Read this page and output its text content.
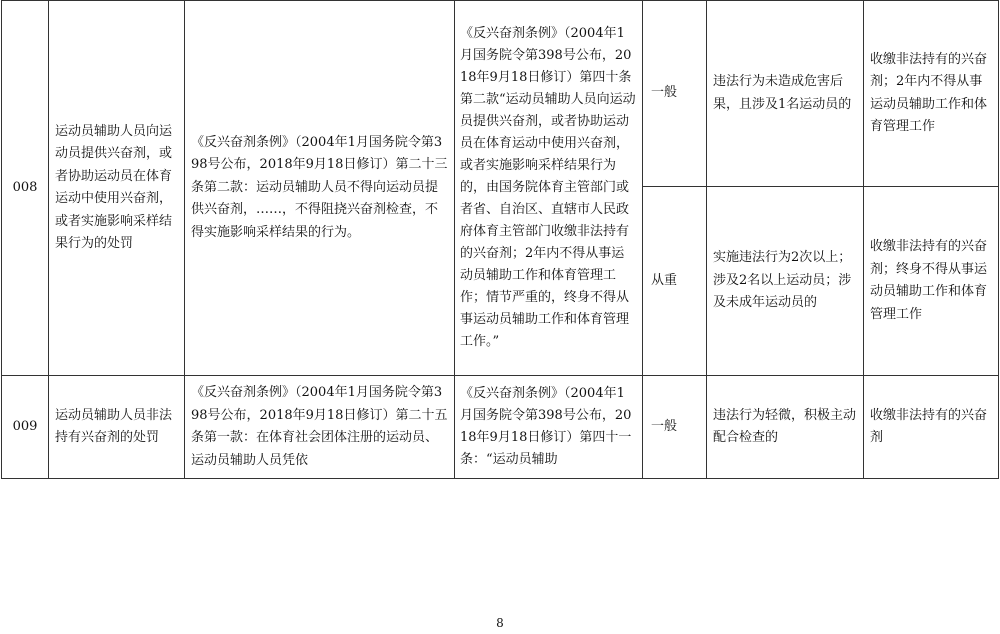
008	运动员辅助人员向运动员提供兴奋剂，或者协助运动员在体育运动中使用兴奋剂，或者实施影响采样结果行为的处罚	《反兴奋剂条例》（2004年1月国务院令第398号公布，2018年9月18日修订）第二十三条第二款：运动员辅助人员不得向运动员提供兴奋剂，……，不得阻挠兴奋剂检查，不得实施影响采样结果的行为。	《反兴奋剂条例》（2004年1月国务院令第398号公布，2018年9月18日修订）第四十条第二款“运动员辅助人员向运动员提供兴奋剂，或者协助运动员在体育运动中使用兴奋剂，或者实施影响采样结果行为的，由国务院体育主管部门或者省、自治区、直辖市人民政府体育主管部门收缴非法持有的兴奋剂；2年内不得从事运动员辅助工作和体育管理工作；情节严重的，终身不得从事运动员辅助工作和体育管理工作。”	一般	违法行为未造成危害后果，且涉及1名运动员的	收缴非法持有的兴奋剂；2年内不得从事运动员辅助工作和体育管理工作
				从重	实施违法行为2次以上；涉及2名以上运动员；涉及未成年运动员的	收缴非法持有的兴奋剂；终身不得从事运动员辅助工作和体育管理工作
009	运动员辅助人员非法持有兴奋剂的处罚	《反兴奋剂条例》（2004年1月国务院令第398号公布，2018年9月18日修订）第二十五条第一款：在体育社会团体注册的运动员、运动员辅助人员凭依	《反兴奋剂条例》（2004年1月国务院令第398号公布，2018年9月18日修订）第四十一条：“运动员辅助	一般	违法行为轻微，积极主动配合检查的	收缴非法持有的兴奋剂
8
